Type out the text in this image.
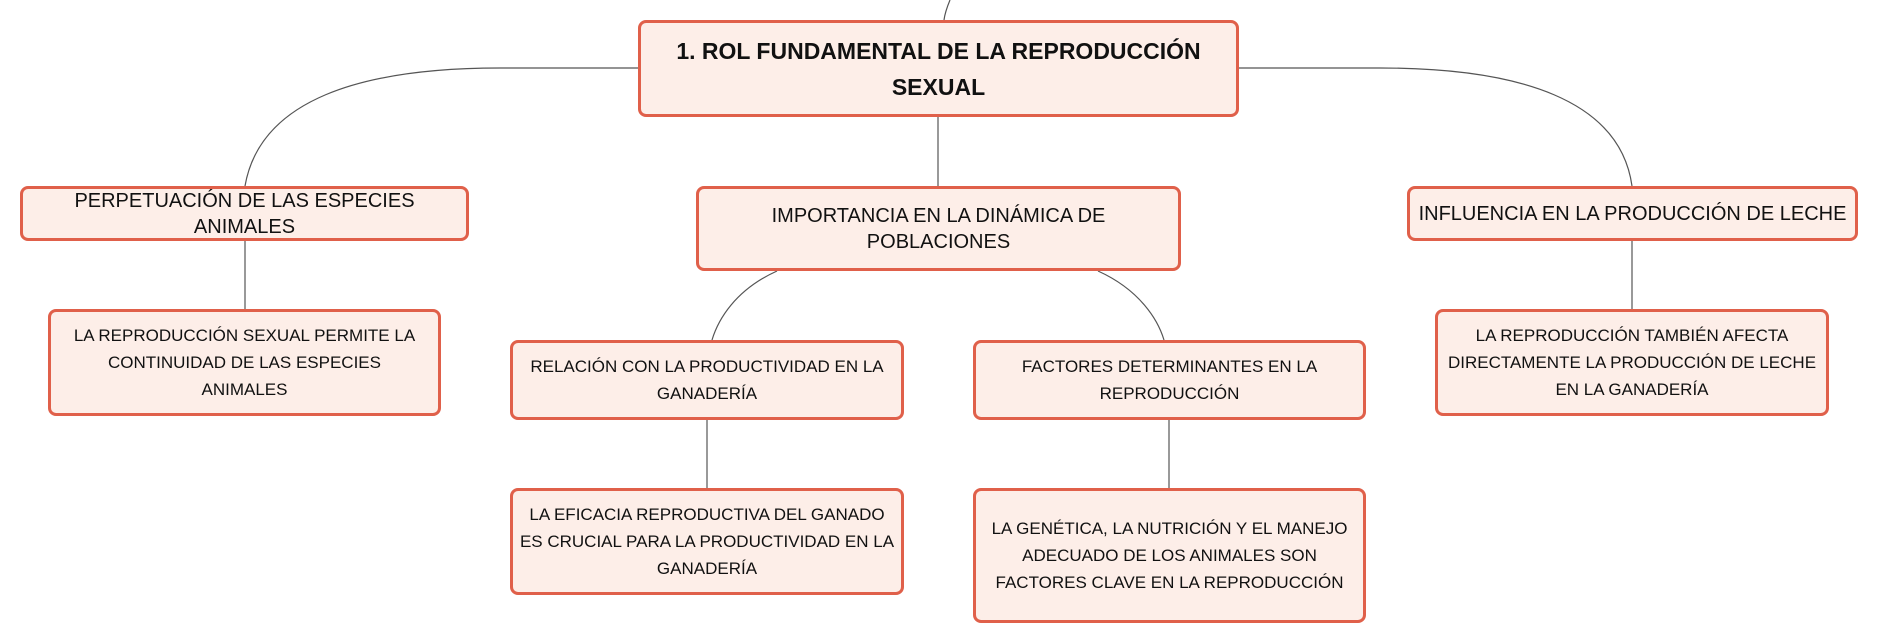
1. ROL FUNDAMENTAL DE LA REPRODUCCIÓN SEXUAL
PERPETUACIÓN DE LAS ESPECIES ANIMALES
LA REPRODUCCIÓN SEXUAL PERMITE LA CONTINUIDAD DE LAS ESPECIES ANIMALES
IMPORTANCIA EN LA DINÁMICA DE POBLACIONES
RELACIÓN CON LA PRODUCTIVIDAD EN LA GANADERÍA
LA EFICACIA REPRODUCTIVA DEL GANADO ES CRUCIAL PARA LA PRODUCTIVIDAD EN LA GANADERÍA
FACTORES DETERMINANTES EN LA REPRODUCCIÓN
LA GENÉTICA, LA NUTRICIÓN Y EL MANEJO ADECUADO DE LOS ANIMALES SON FACTORES CLAVE EN LA REPRODUCCIÓN
INFLUENCIA EN LA PRODUCCIÓN DE LECHE
LA REPRODUCCIÓN TAMBIÉN AFECTA DIRECTAMENTE LA PRODUCCIÓN DE LECHE EN LA GANADERÍA
